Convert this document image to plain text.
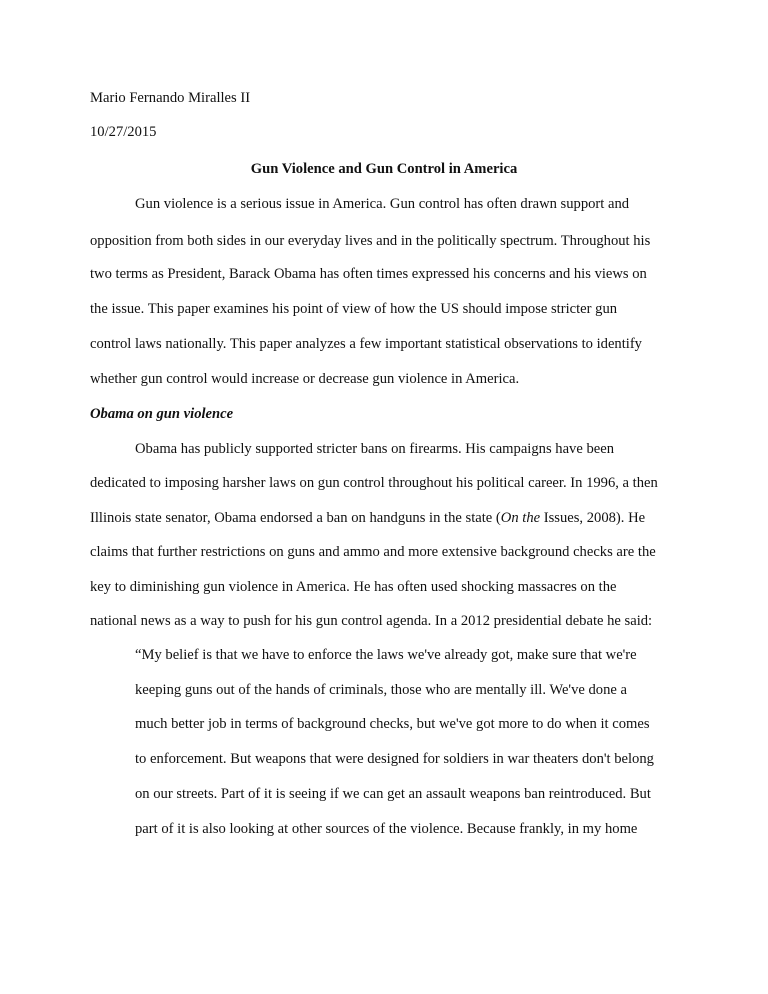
Mario Fernando Miralles II
10/27/2015
Gun Violence and Gun Control in America
Gun violence is a serious issue in America. Gun control has often drawn support and
opposition from both sides in our everyday lives and in the politically spectrum. Throughout his
two terms as President, Barack Obama has often times expressed his concerns and his views on
the issue. This paper examines his point of view of how the US should impose stricter gun
control laws nationally. This paper analyzes a few important statistical observations to identify
whether gun control would increase or decrease gun violence in America.
Obama on gun violence
Obama has publicly supported stricter bans on firearms. His campaigns have been
dedicated to imposing harsher laws on gun control throughout his political career. In 1996, a then
Illinois state senator, Obama endorsed a ban on handguns in the state (On the Issues, 2008). He
claims that further restrictions on guns and ammo and more extensive background checks are the
key to diminishing gun violence in America. He has often used shocking massacres on the
national news as a way to push for his gun control agenda. In a 2012 presidential debate he said:
“My belief is that we have to enforce the laws we've already got, make sure that we're
keeping guns out of the hands of criminals, those who are mentally ill. We've done a
much better job in terms of background checks, but we've got more to do when it comes
to enforcement. But weapons that were designed for soldiers in war theaters don't belong
on our streets. Part of it is seeing if we can get an assault weapons ban reintroduced. But
part of it is also looking at other sources of the violence. Because frankly, in my home
